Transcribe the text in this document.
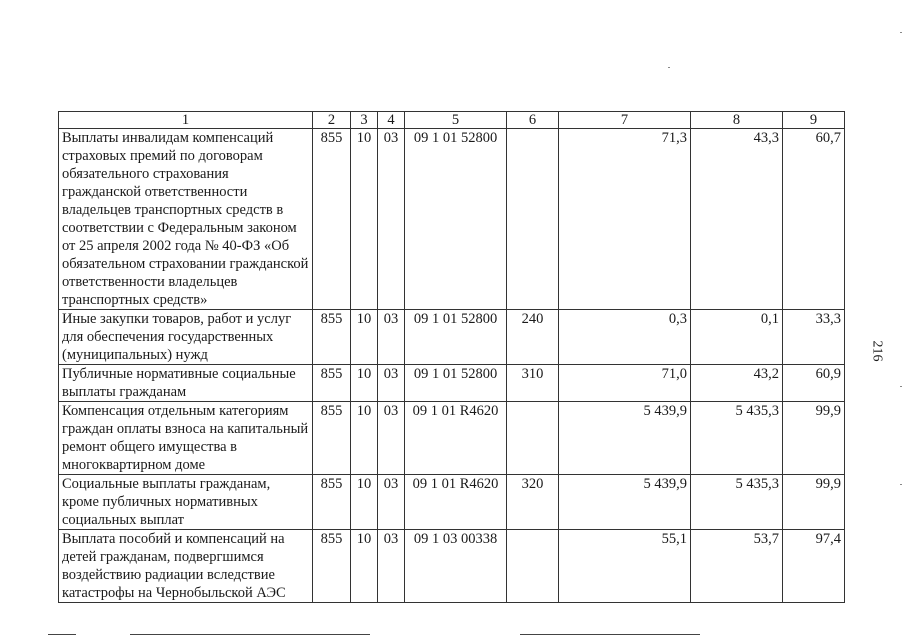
1	2	3	4	5	6	7	8	9
Выплаты инвалидам компенсаций страховых премий по договорам обязательного страхования гражданской ответственности владельцев транспортных средств в соответствии с Федеральным законом от 25 апреля 2002 года № 40-ФЗ «Об обязательном страховании гражданской ответственности владельцев транспортных средств»	855	10	03	09 1 01 52800		71,3	43,3	60,7
Иные закупки товаров, работ и услуг для обеспечения государственных (муниципальных) нужд	855	10	03	09 1 01 52800	240	0,3	0,1	33,3
Публичные нормативные социальные выплаты гражданам	855	10	03	09 1 01 52800	310	71,0	43,2	60,9
Компенсация отдельным категориям граждан оплаты взноса на капитальный ремонт общего имущества в многоквартирном доме	855	10	03	09 1 01 R4620		5 439,9	5 435,3	99,9
Социальные выплаты гражданам, кроме публичных нормативных социальных выплат	855	10	03	09 1 01 R4620	320	5 439,9	5 435,3	99,9
Выплата пособий и компенсаций на детей гражданам, подвергшимся воздействию радиации вследствие катастрофы на Чернобыльской АЭС	855	10	03	09 1 03 00338		55,1	53,7	97,4
216
